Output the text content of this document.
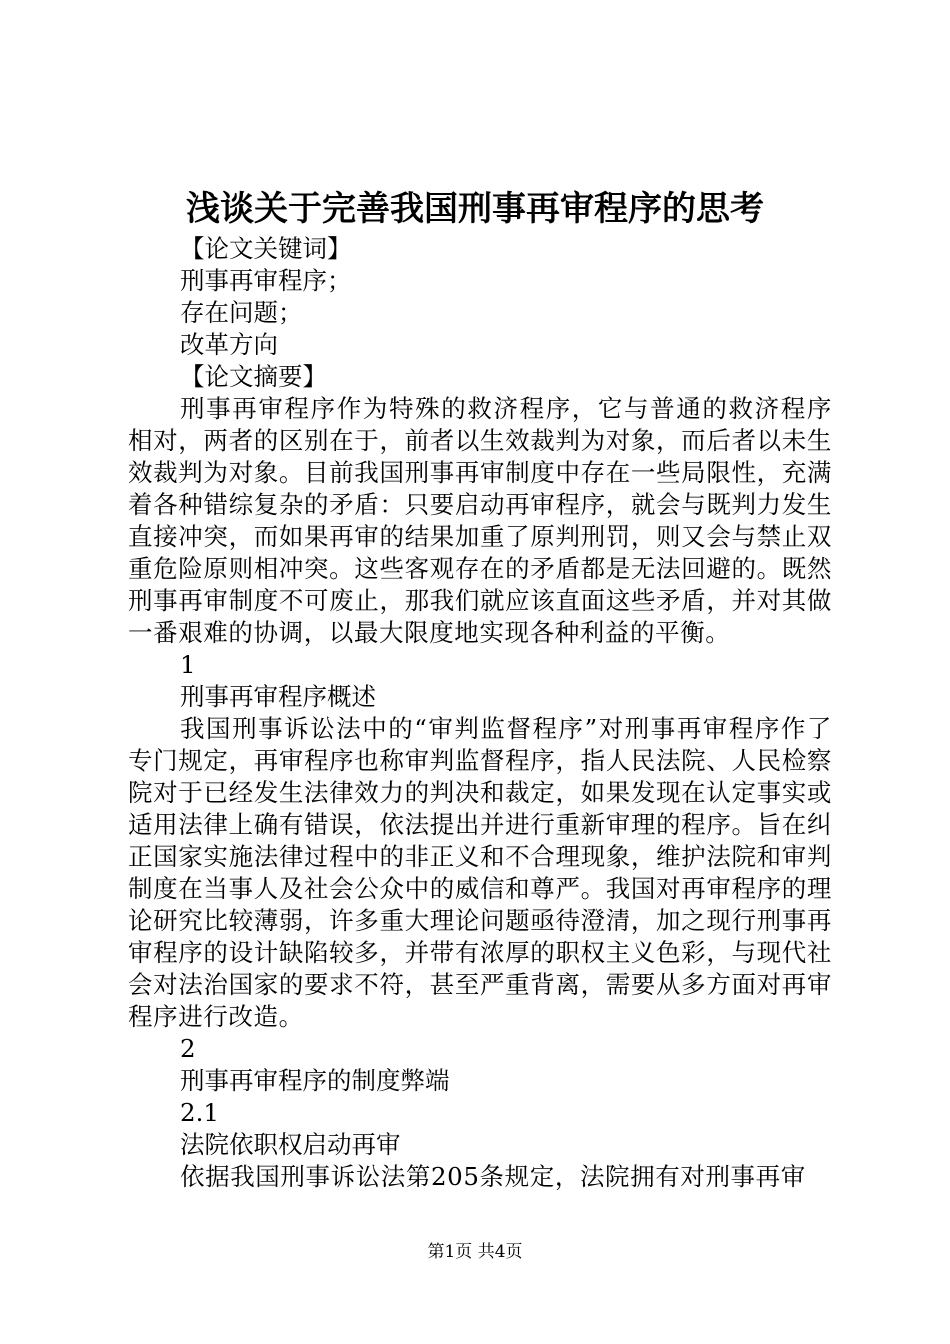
浅谈关于完善我国刑事再审程序的思考
【论文关键词】
刑事再审程序；
存在问题；
改革方向
【论文摘要】
刑事再审程序作为特殊的救济程序，它与普通的救济程序相对，两者的区别在于，前者以生效裁判为对象，而后者以未生效裁判为对象。目前我国刑事再审制度中存在一些局限性，充满着各种错综复杂的矛盾：只要启动再审程序，就会与既判力发生直接冲突，而如果再审的结果加重了原判刑罚，则又会与禁止双重危险原则相冲突。这些客观存在的矛盾都是无法回避的。既然刑事再审制度不可废止，那我们就应该直面这些矛盾，并对其做一番艰难的协调，以最大限度地实现各种利益的平衡。
1
刑事再审程序概述
我国刑事诉讼法中的“审判监督程序”对刑事再审程序作了专门规定，再审程序也称审判监督程序，指人民法院、人民检察院对于已经发生法律效力的判决和裁定，如果发现在认定事实或适用法律上确有错误，依法提出并进行重新审理的程序。旨在纠正国家实施法律过程中的非正义和不合理现象，维护法院和审判制度在当事人及社会公众中的威信和尊严。我国对再审程序的理论研究比较薄弱，许多重大理论问题亟待澄清，加之现行刑事再审程序的设计缺陷较多，并带有浓厚的职权主义色彩，与现代社会对法治国家的要求不符，甚至严重背离，需要从多方面对再审程序进行改造。
2
刑事再审程序的制度弊端
2.1
法院依职权启动再审
依据我国刑事诉讼法第205条规定，法院拥有对刑事再审
第1页 共4页
